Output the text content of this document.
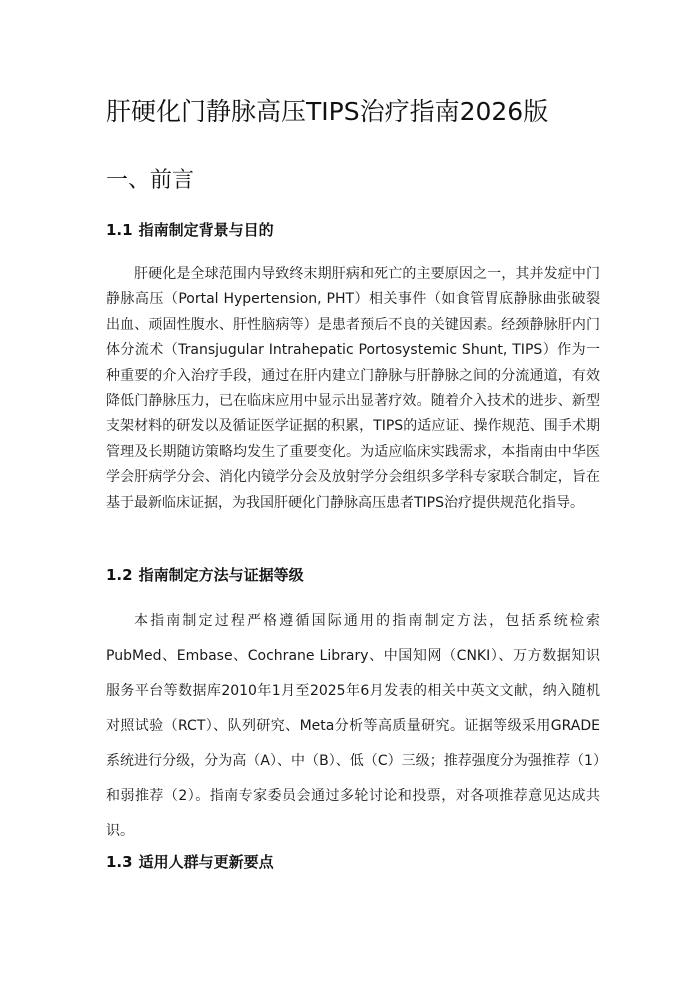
肝硬化门静脉高压TIPS治疗指南2026版
一、前言
1.1 指南制定背景与目的

肝硬化是全球范围内导致终末期肝病和死亡的主要原因之一，其并发症中门静脉高压（Portal Hypertension, PHT）相关事件（如食管胃底静脉曲张破裂出血、顽固性腹水、肝性脑病等）是患者预后不良的关键因素。经颈静脉肝内门体分流术（Transjugular Intrahepatic Portosystemic Shunt, TIPS）作为一种重要的介入治疗手段，通过在肝内建立门静脉与肝静脉之间的分流通道，有效降低门静脉压力，已在临床应用中显示出显著疗效。随着介入技术的进步、新型支架材料的研发以及循证医学证据的积累，TIPS的适应证、操作规范、围手术期管理及长期随访策略均发生了重要变化。为适应临床实践需求，本指南由中华医学会肝病学分会、消化内镜学分会及放射学分会组织多学科专家联合制定，旨在基于最新临床证据，为我国肝硬化门静脉高压患者TIPS治疗提供规范化指导。

1.2 指南制定方法与证据等级

本指南制定过程严格遵循国际通用的指南制定方法，包括系统检索PubMed、Embase、Cochrane Library、中国知网（CNKI）、万方数据知识服务平台等数据库2010年1月至2025年6月发表的相关中英文文献，纳入随机对照试验（RCT）、队列研究、Meta分析等高质量研究。证据等级采用GRADE系统进行分级，分为高（A）、中（B）、低（C）三级；推荐强度分为强推荐（1）和弱推荐（2）。指南专家委员会通过多轮讨论和投票，对各项推荐意见达成共识。

1.3 适用人群与更新要点
